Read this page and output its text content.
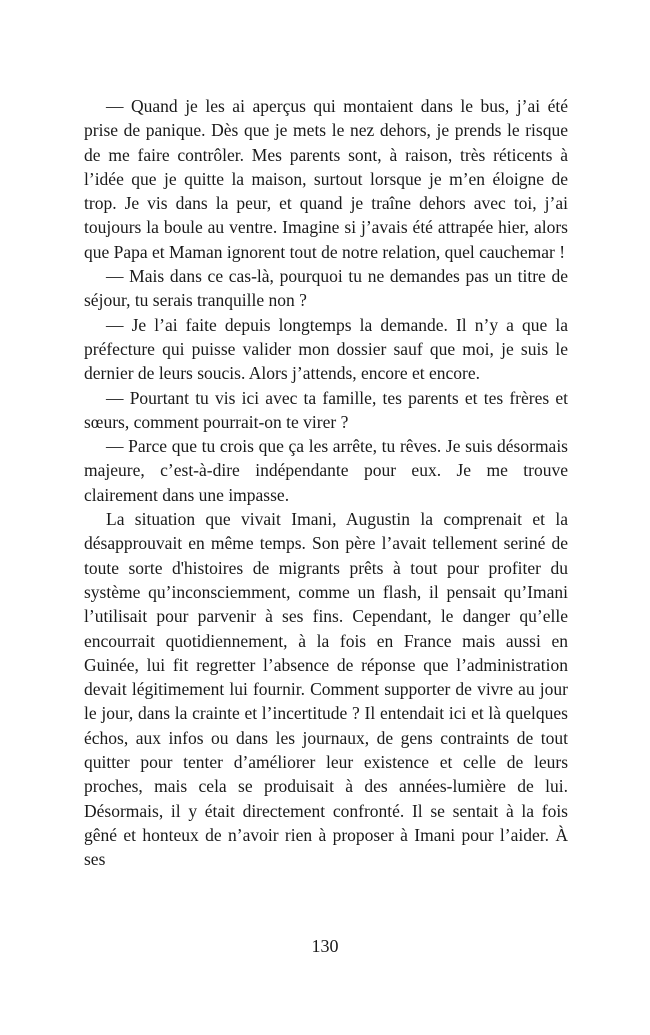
— Quand je les ai aperçus qui montaient dans le bus, j’ai été prise de panique. Dès que je mets le nez dehors, je prends le risque de me faire contrôler. Mes parents sont, à raison, très réticents à l’idée que je quitte la maison, surtout lorsque je m’en éloigne de trop. Je vis dans la peur, et quand je traîne dehors avec toi, j’ai toujours la boule au ventre. Imagine si j’avais été attrapée hier, alors que Papa et Maman ignorent tout de notre relation, quel cauchemar !

— Mais dans ce cas-là, pourquoi tu ne demandes pas un titre de séjour, tu serais tranquille non ?

— Je l’ai faite depuis longtemps la demande. Il n’y a que la préfecture qui puisse valider mon dossier sauf que moi, je suis le dernier de leurs soucis. Alors j’attends, encore et encore.

— Pourtant tu vis ici avec ta famille, tes parents et tes frères et sœurs, comment pourrait-on te virer ?

— Parce que tu crois que ça les arrête, tu rêves. Je suis désormais majeure, c’est-à-dire indépendante pour eux. Je me trouve clairement dans une impasse.

La situation que vivait Imani, Augustin la comprenait et la désapprouvait en même temps. Son père l’avait tellement seriné de toute sorte d'histoires de migrants prêts à tout pour profiter du système qu’inconsciemment, comme un flash, il pensait qu’Imani l’utilisait pour parvenir à ses fins. Cependant, le danger qu’elle encourrait quotidiennement, à la fois en France mais aussi en Guinée, lui fit regretter l’absence de réponse que l’administration devait légitimement lui fournir. Comment supporter de vivre au jour le jour, dans la crainte et l’incertitude ? Il entendait ici et là quelques échos, aux infos ou dans les journaux, de gens contraints de tout quitter pour tenter d’améliorer leur existence et celle de leurs proches, mais cela se produisait à des années-lumière de lui. Désormais, il y était directement confronté. Il se sentait à la fois gêné et honteux de n’avoir rien à proposer à Imani pour l’aider. À ses

130
